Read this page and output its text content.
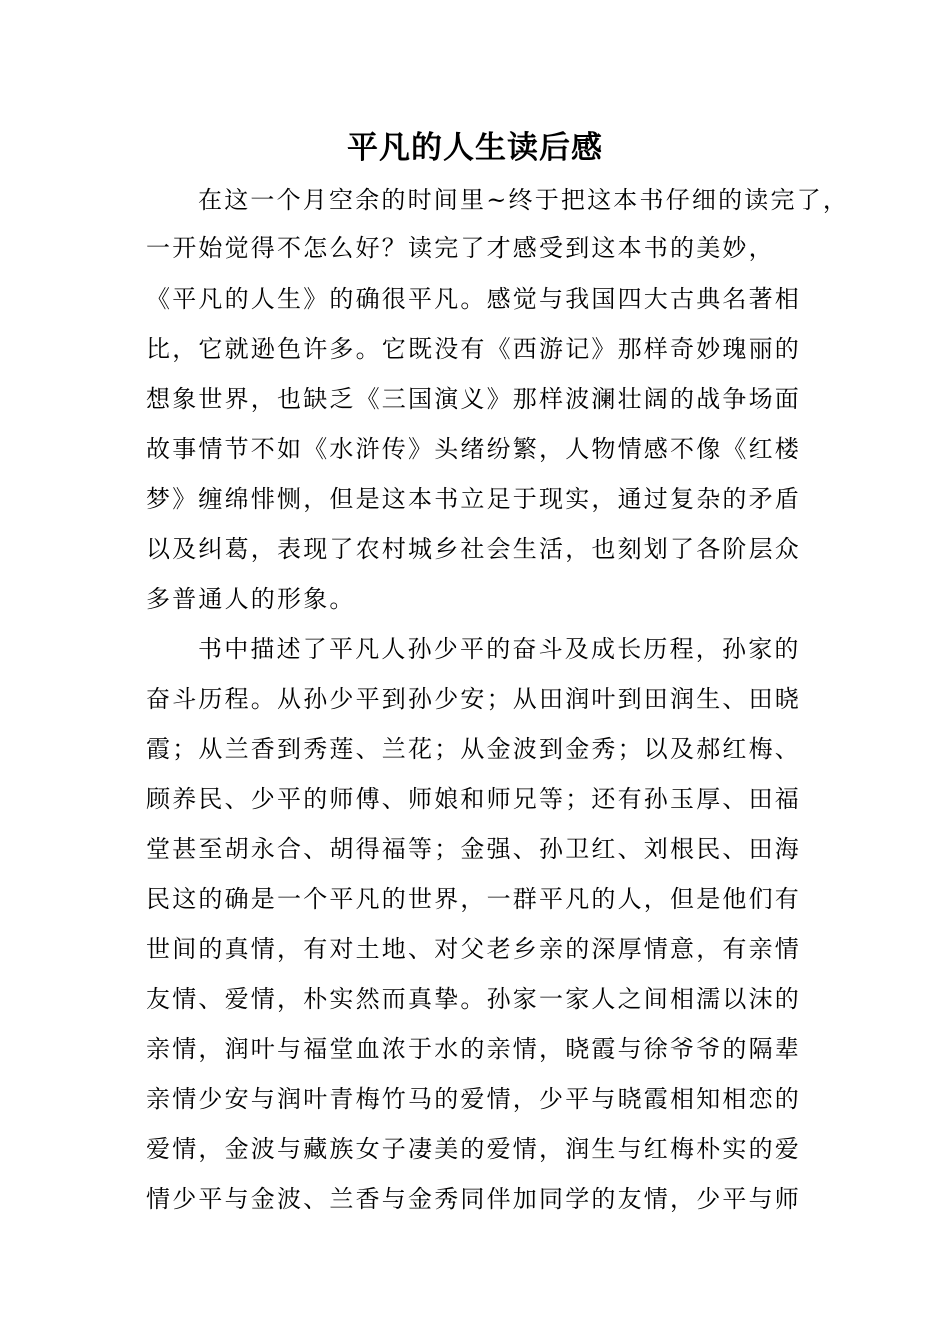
平凡的人生读后感
在这一个月空余的时间里~终于把这本书仔细的读完了，
一开始觉得不怎么好？读完了才感受到这本书的美妙，
《平凡的人生》的确很平凡。感觉与我国四大古典名著相
比，它就逊色许多。它既没有《西游记》那样奇妙瑰丽的
想象世界，也缺乏《三国演义》那样波澜壮阔的战争场面
故事情节不如《水浒传》头绪纷繁，人物情感不像《红楼
梦》缠绵悱恻，但是这本书立足于现实，通过复杂的矛盾
以及纠葛，表现了农村城乡社会生活，也刻划了各阶层众
多普通人的形象。
书中描述了平凡人孙少平的奋斗及成长历程，孙家的
奋斗历程。从孙少平到孙少安；从田润叶到田润生、田晓
霞；从兰香到秀莲、兰花；从金波到金秀；以及郝红梅、
顾养民、少平的师傅、师娘和师兄等；还有孙玉厚、田福
堂甚至胡永合、胡得福等；金强、孙卫红、刘根民、田海
民这的确是一个平凡的世界，一群平凡的人，但是他们有
世间的真情，有对土地、对父老乡亲的深厚情意，有亲情
友情、爱情，朴实然而真挚。孙家一家人之间相濡以沫的
亲情，润叶与福堂血浓于水的亲情，晓霞与徐爷爷的隔辈
亲情少安与润叶青梅竹马的爱情，少平与晓霞相知相恋的
爱情，金波与藏族女子凄美的爱情，润生与红梅朴实的爱
情少平与金波、兰香与金秀同伴加同学的友情，少平与师
